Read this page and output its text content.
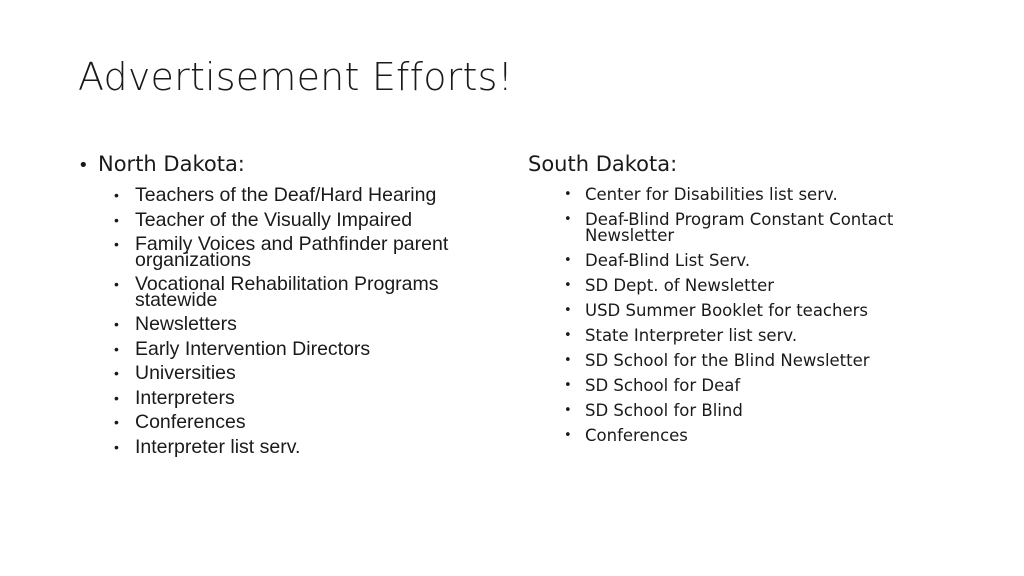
Advertisement Efforts!
• North Dakota:
• Teachers of the Deaf/Hard Hearing
• Teacher of the Visually Impaired
• Family Voices and Pathfinder parent organizations
• Vocational Rehabilitation Programs statewide
• Newsletters
• Early Intervention Directors
• Universities
• Interpreters
• Conferences
• Interpreter list serv.
South Dakota:
• Center for Disabilities list serv.
• Deaf-Blind Program Constant Contact Newsletter
• Deaf-Blind List Serv.
• SD Dept. of Newsletter
• USD Summer Booklet for teachers
• State Interpreter list serv.
• SD School for the Blind Newsletter
• SD School for Deaf
• SD School for Blind
• Conferences
